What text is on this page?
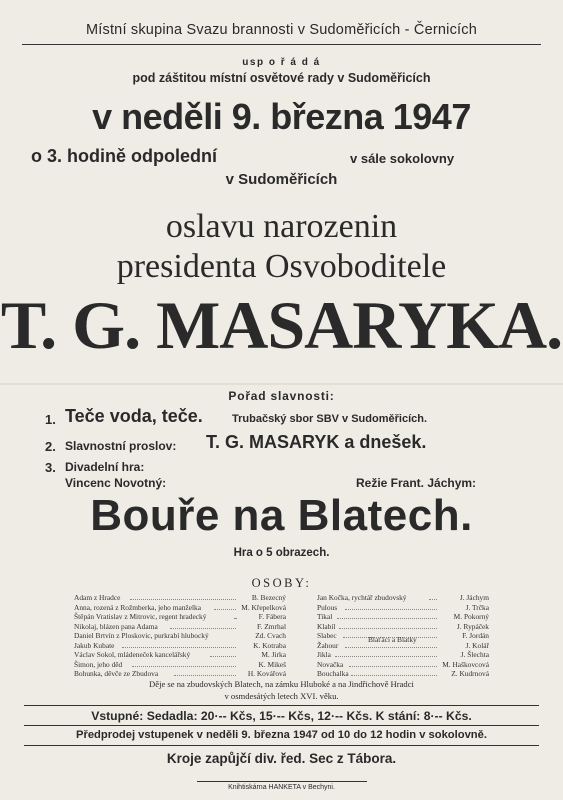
Místní skupina Svazu brannosti v Sudoměřicích - Černicích
usp o ř á d á
pod záštitou místní osvětové rady v Sudoměřicích
v neděli 9. března 1947
o 3. hodině odpolední	v sále sokolovny
v Sudoměřicích
oslavu narozenin
presidenta Osvoboditele
T. G. MASARYKA.
Pořad slavnosti:
1. Teče voda, teče.	Trubačský sbor SBV v Sudoměřicích.
2. Slavnostní proslov: T. G. MASARYK a dnešek.
3. Divadelní hra:
Vincenc Novotný:	Režie Frant. Jáchym:
Bouře na Blatech.
Hra o 5 obrazech.
OSOBY:
Adam z Hradce	B. Bezecný
Anna, rozená z Rožmberka, jeho manželka	M. Křepelková
Štěpán Vratislav z Mitrovic, regent hradecký	F. Fábera
Nikolaj, blázen pana Adama	F. Zmrhal
Daniel Brtvín z Ploskovic, purkrabí hlubocký	Zd. Cvach
Jakub Kubate	K. Kotraba
Václav Sokol, mládeneček kancelářský	M. Jirka
Šimon, jeho děd	K. Mikeš
Bohunka, děvče ze Zbudova	H. Kovářová
Jan Kočka, rychtář zbudovský	J. Jáchym
Pulous	J. Trčka
Tikal	M. Pokorný
Klabíl	J. Rypáček
Slabec	F. Jordán
Žahour	J. Kolář
Jikla	J. Šlechta
Novačka	M. Haškovcová
Bouchalka	Z. Kudrnová
Blaťáci a Blatky
Děje se na zbudovských Blatech, na zámku Hluboké a na Jindřichově Hradci
v osmdesátých letech XVI. věku.
Vstupné: Sedadla: 20·-- Kčs, 15·-- Kčs, 12·-- Kčs. K stání: 8·-- Kčs.
Předprodej vstupenek v neděli 9. března 1947 od 10 do 12 hodin v sokolovně.
Kroje zapůjčí div. řed. Sec z Tábora.
Knihtiskárna HANKETA v Bechyni.
